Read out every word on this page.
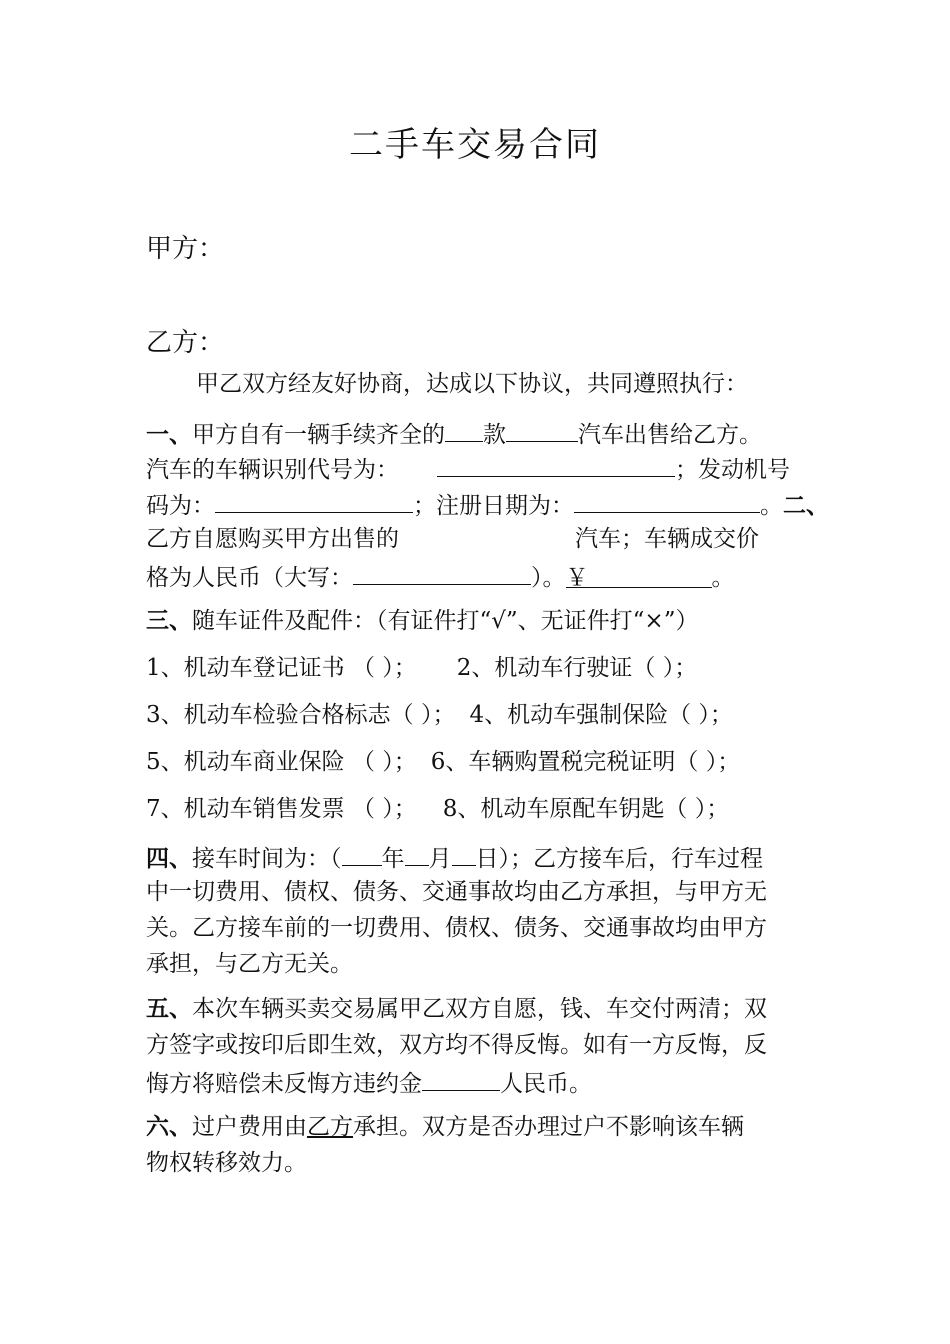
二手车交易合同
甲方：
乙方：
甲乙双方经友好协商，达成以下协议，共同遵照执行：
一、甲方自有一辆手续齐全的 款	汽车出售给乙方。
汽车的车辆识别代号为：	；发动机号
码为：	；注册日期为：	。二、
乙方自愿购买甲方出售的	汽车；车辆成交价
格为人民币（大写：	）。￥	。
三、随车证件及配件：（有证件打“√”、无证件打“×”）
1、机动车登记证书 （ ）； 2、机动车行驶证（ ）；
3、机动车检验合格标志（ ）； 4、机动车强制保险（ ）；
5、机动车商业保险 （ ）； 6、车辆购置税完税证明（ ）；
7、机动车销售发票 （ ）； 8、机动车原配车钥匙（ ）；
四、接车时间为：（ 年 月 日）；乙方接车后，行车过程
中一切费用、债权、债务、交通事故均由乙方承担，与甲方无
关。乙方接车前的一切费用、债权、债务、交通事故均由甲方
承担，与乙方无关。
五、本次车辆买卖交易属甲乙双方自愿，钱、车交付两清；双
方签字或按印后即生效，双方均不得反悔。如有一方反悔，反
悔方将赔偿未反悔方违约金	人民币。
六、过户费用由乙方承担。双方是否办理过户不影响该车辆
物权转移效力。
